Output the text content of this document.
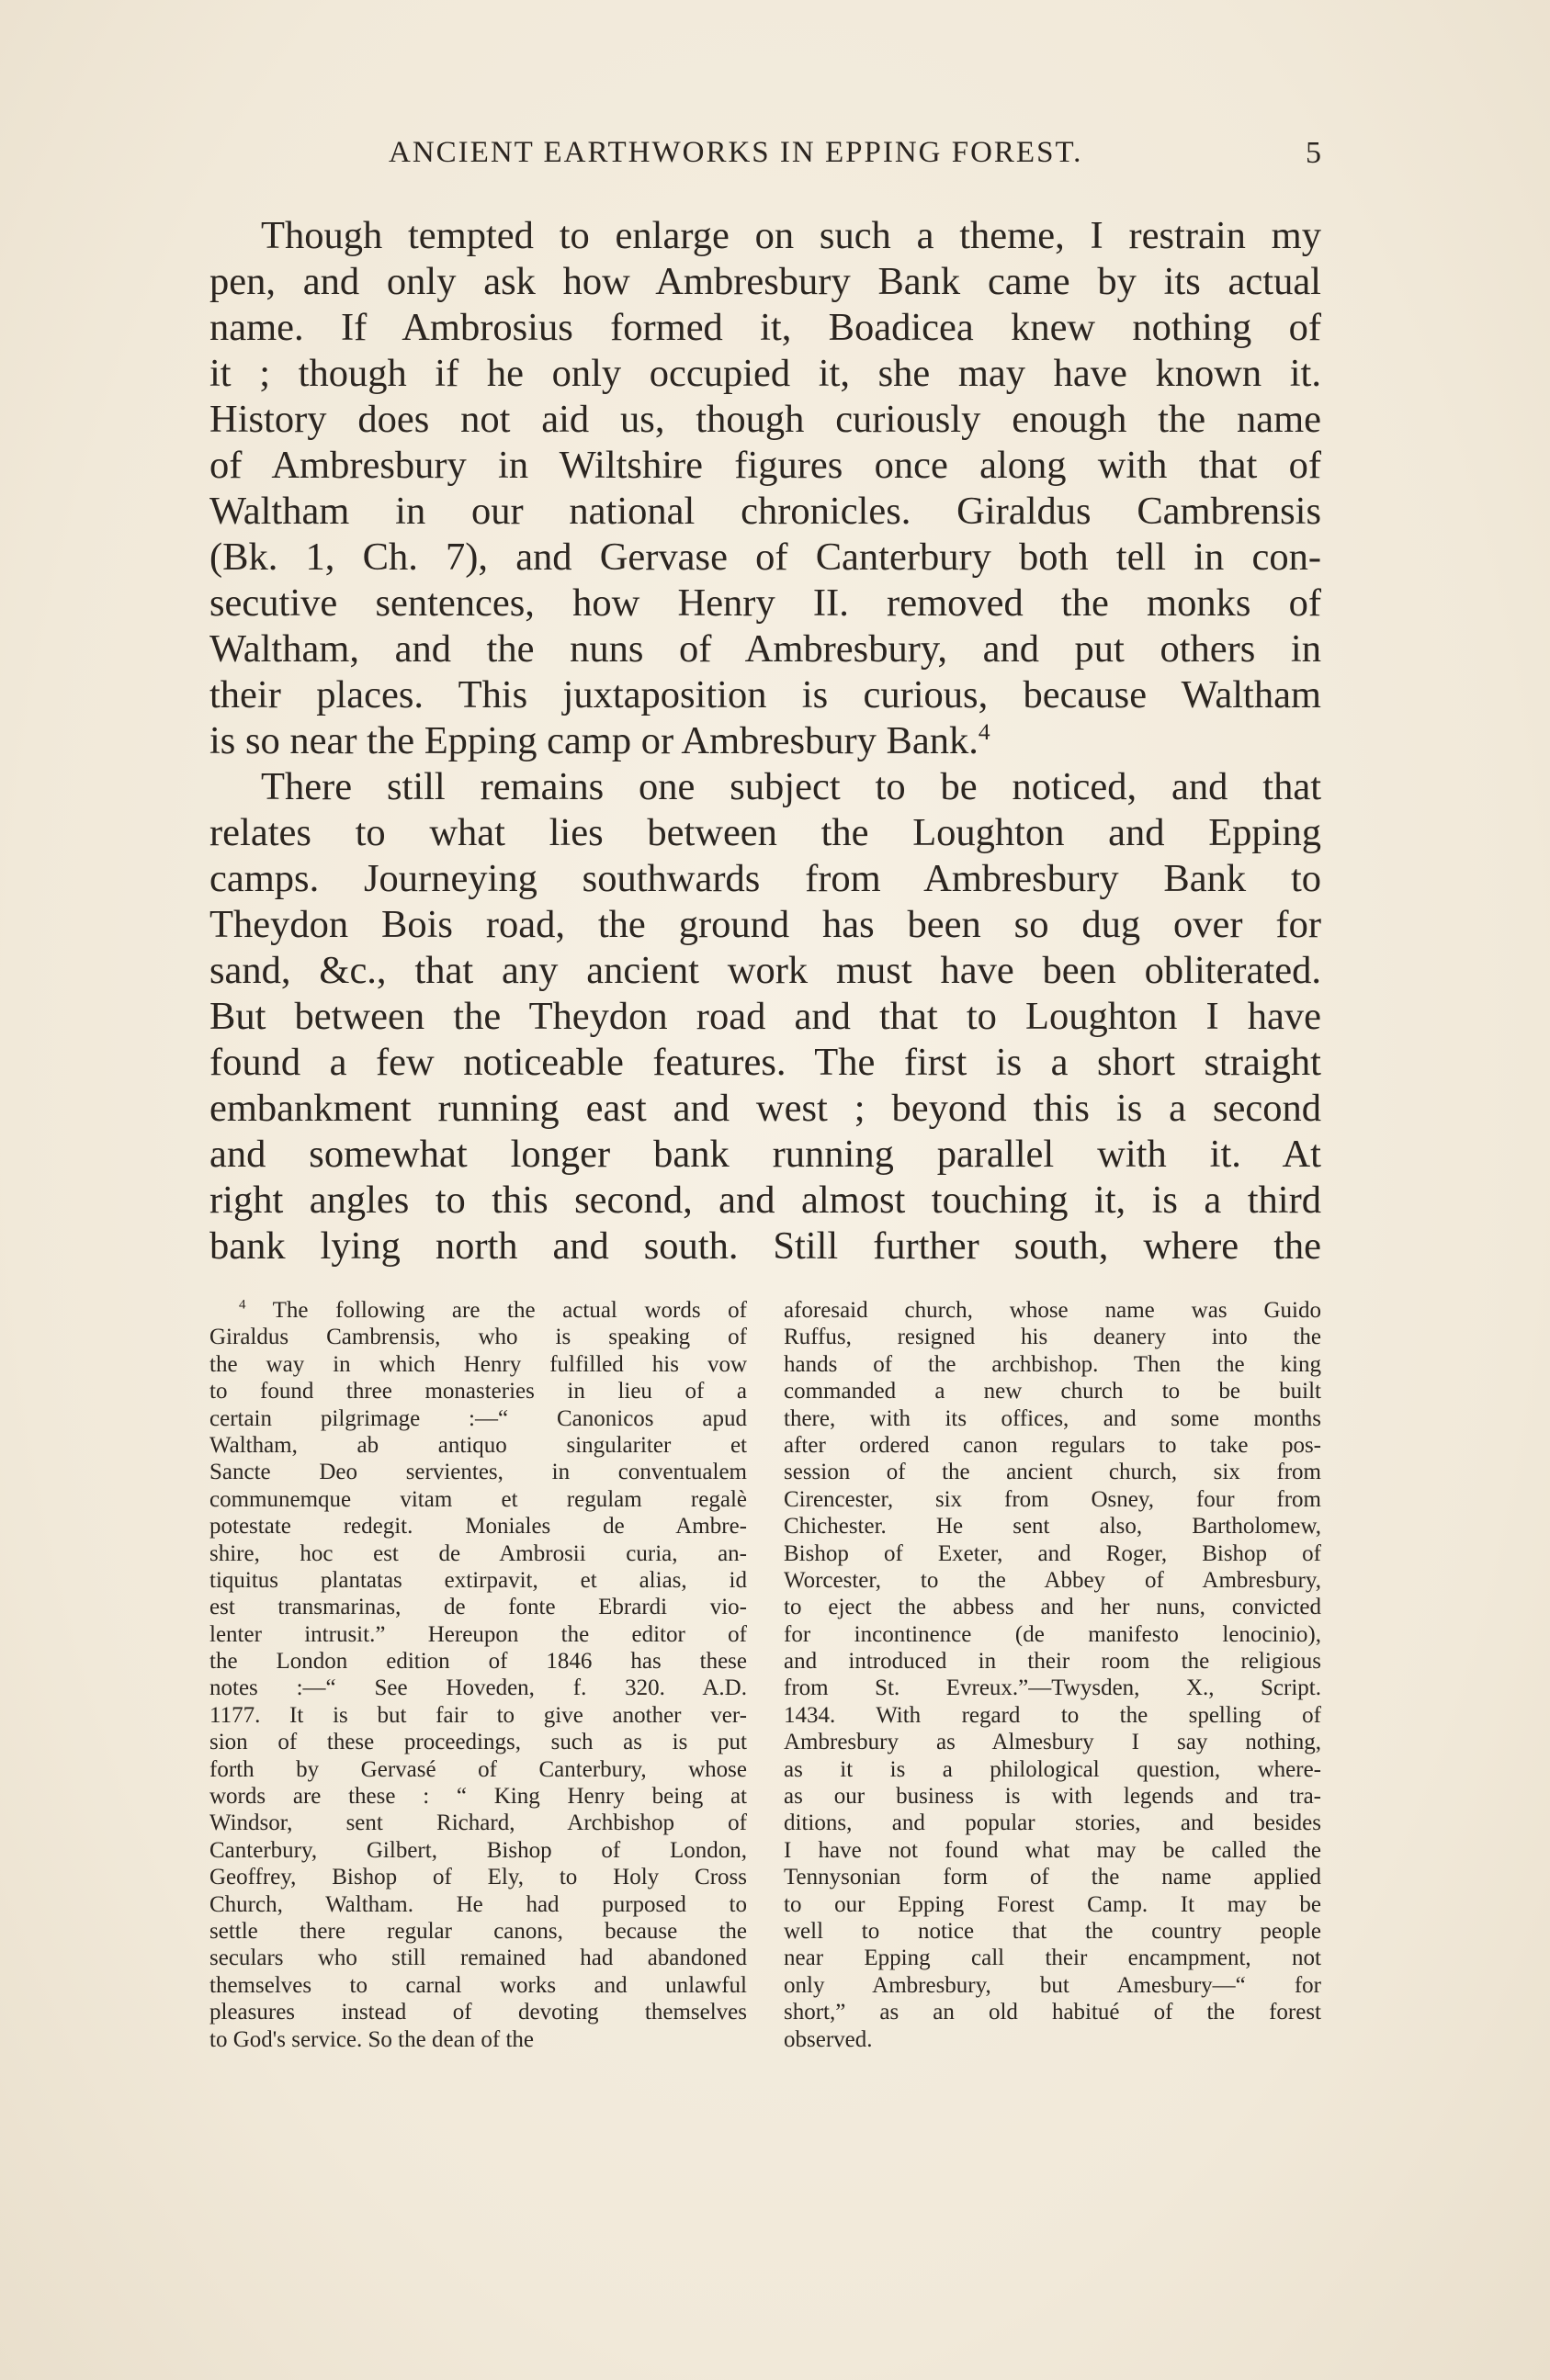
ANCIENT EARTHWORKS IN EPPING FOREST.	5
Though tempted to enlarge on such a theme, I restrain my
pen, and only ask how Ambresbury Bank came by its actual
name. If Ambrosius formed it, Boadicea knew nothing of
it ; though if he only occupied it, she may have known it.
History does not aid us, though curiously enough the name
of Ambresbury in Wiltshire figures once along with that of
Waltham in our national chronicles. Giraldus Cambrensis
(Bk. 1, Ch. 7), and Gervase of Canterbury both tell in con-
secutive sentences, how Henry II. removed the monks of
Waltham, and the nuns of Ambresbury, and put others in
their places. This juxtaposition is curious, because Waltham
is so near the Epping camp or Ambresbury Bank.$^4$
There still remains one subject to be noticed, and that
relates to what lies between the Loughton and Epping
camps. Journeying southwards from Ambresbury Bank to
Theydon Bois road, the ground has been so dug over for
sand, &c., that any ancient work must have been obliterated.
But between the Theydon road and that to Loughton I have
found a few noticeable features. The first is a short straight
embankment running east and west ; beyond this is a second
and somewhat longer bank running parallel with it. At
right angles to this second, and almost touching it, is a third
bank lying north and south. Still further south, where the
$^4$ The following are the actual words of
Giraldus Cambrensis, who is speaking of
the way in which Henry fulfilled his vow
to found three monasteries in lieu of a
certain pilgrimage :—“ Canonicos apud
Waltham, ab antiquo singulariter et
Sancte Deo servientes, in conventualem
communemque vitam et regulam regalè
potestate redegit. Moniales de Ambre-
shire, hoc est de Ambrosii curia, an-
tiquitus plantatas extirpavit, et alias, id
est transmarinas, de fonte Ebrardi vio-
lenter intrusit.” Hereupon the editor of
the London edition of 1846 has these
notes :—“ See Hoveden, f. 320. A.D.
1177. It is but fair to give another ver-
sion of these proceedings, such as is put
forth by Gervasé of Canterbury, whose
words are these : “ King Henry being at
Windsor, sent Richard, Archbishop of
Canterbury, Gilbert, Bishop of London,
Geoffrey, Bishop of Ely, to Holy Cross
Church, Waltham. He had purposed to
settle there regular canons, because the
seculars who still remained had abandoned
themselves to carnal works and unlawful
pleasures instead of devoting themselves
to God's service. So the dean of the
aforesaid church, whose name was Guido
Ruffus, resigned his deanery into the
hands of the archbishop. Then the king
commanded a new church to be built
there, with its offices, and some months
after ordered canon regulars to take pos-
session of the ancient church, six from
Cirencester, six from Osney, four from
Chichester. He sent also, Bartholomew,
Bishop of Exeter, and Roger, Bishop of
Worcester, to the Abbey of Ambresbury,
to eject the abbess and her nuns, convicted
for incontinence (de manifesto lenocinio),
and introduced in their room the religious
from St. Evreux.”—Twysden, X., Script.
1434. With regard to the spelling of
Ambresbury as Almesbury I say nothing,
as it is a philological question, where-
as our business is with legends and tra-
ditions, and popular stories, and besides
I have not found what may be called the
Tennysonian form of the name applied
to our Epping Forest Camp. It may be
well to notice that the country people
near Epping call their encampment, not
only Ambresbury, but Amesbury—“ for
short,” as an old habitué of the forest
observed.
